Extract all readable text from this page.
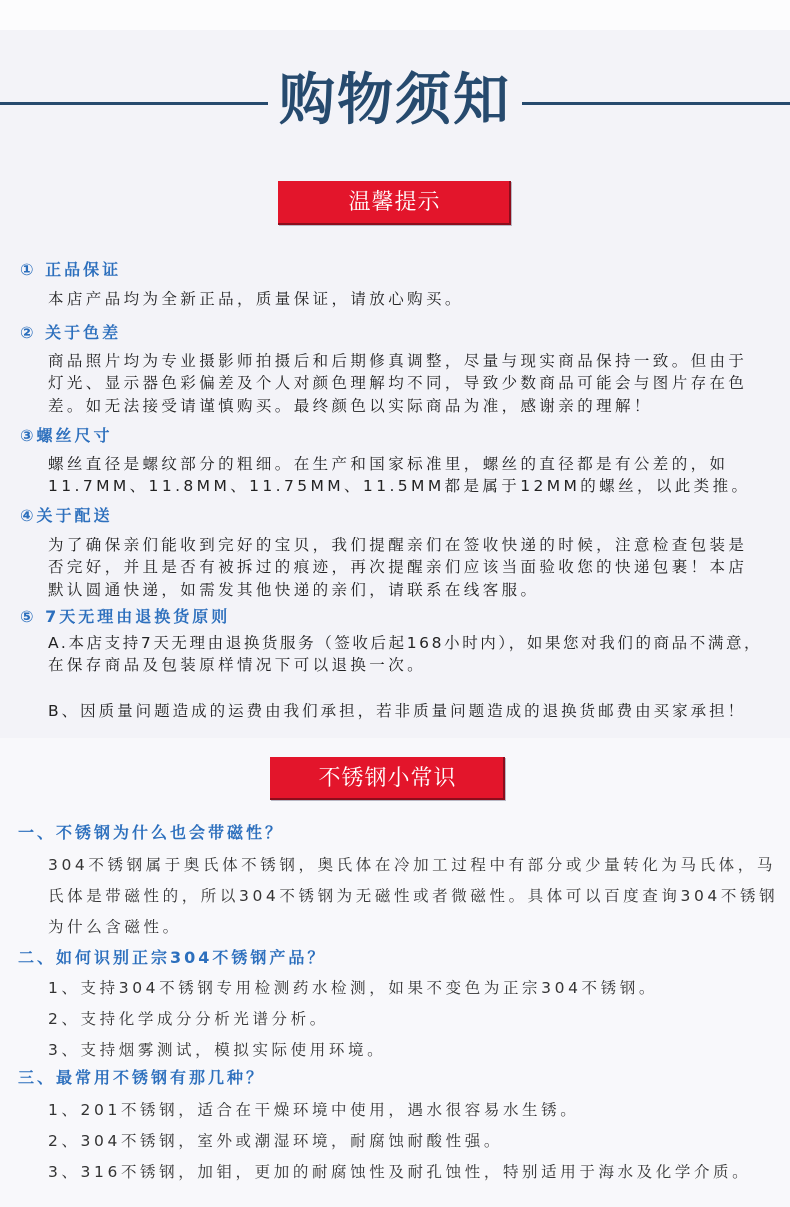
购物须知
温馨提示
① 正品保证
本店产品均为全新正品，质量保证，请放心购买。
② 关于色差
商品照片均为专业摄影师拍摄后和后期修真调整，尽量与现实商品保持一致。但由于
灯光、显示器色彩偏差及个人对颜色理解均不同，导致少数商品可能会与图片存在色
差。如无法接受请谨慎购买。最终颜色以实际商品为准，感谢亲的理解！
③螺丝尺寸
螺丝直径是螺纹部分的粗细。在生产和国家标准里，螺丝的直径都是有公差的，如
11.7MM、11.8MM、11.75MM、11.5MM都是属于12MM的螺丝，以此类推。
④关于配送
为了确保亲们能收到完好的宝贝，我们提醒亲们在签收快递的时候，注意检查包装是
否完好，并且是否有被拆过的痕迹，再次提醒亲们应该当面验收您的快递包裹！本店
默认圆通快递，如需发其他快递的亲们，请联系在线客服。
⑤ 7天无理由退换货原则
A.本店支持7天无理由退换货服务（签收后起168小时内），如果您对我们的商品不满意，
在保存商品及包装原样情况下可以退换一次。
B、因质量问题造成的运费由我们承担，若非质量问题造成的退换货邮费由买家承担！
不锈钢小常识
一、不锈钢为什么也会带磁性？
304不锈钢属于奥氏体不锈钢，奥氏体在冷加工过程中有部分或少量转化为马氏体，马
氏体是带磁性的，所以304不锈钢为无磁性或者微磁性。具体可以百度查询304不锈钢
为什么含磁性。
二、如何识别正宗304不锈钢产品？
1、支持304不锈钢专用检测药水检测，如果不变色为正宗304不锈钢。
2、支持化学成分分析光谱分析。
3、支持烟雾测试，模拟实际使用环境。
三、最常用不锈钢有那几种？
1、201不锈钢，适合在干燥环境中使用，遇水很容易水生锈。
2、304不锈钢，室外或潮湿环境，耐腐蚀耐酸性强。
3、316不锈钢，加钼，更加的耐腐蚀性及耐孔蚀性，特别适用于海水及化学介质。
